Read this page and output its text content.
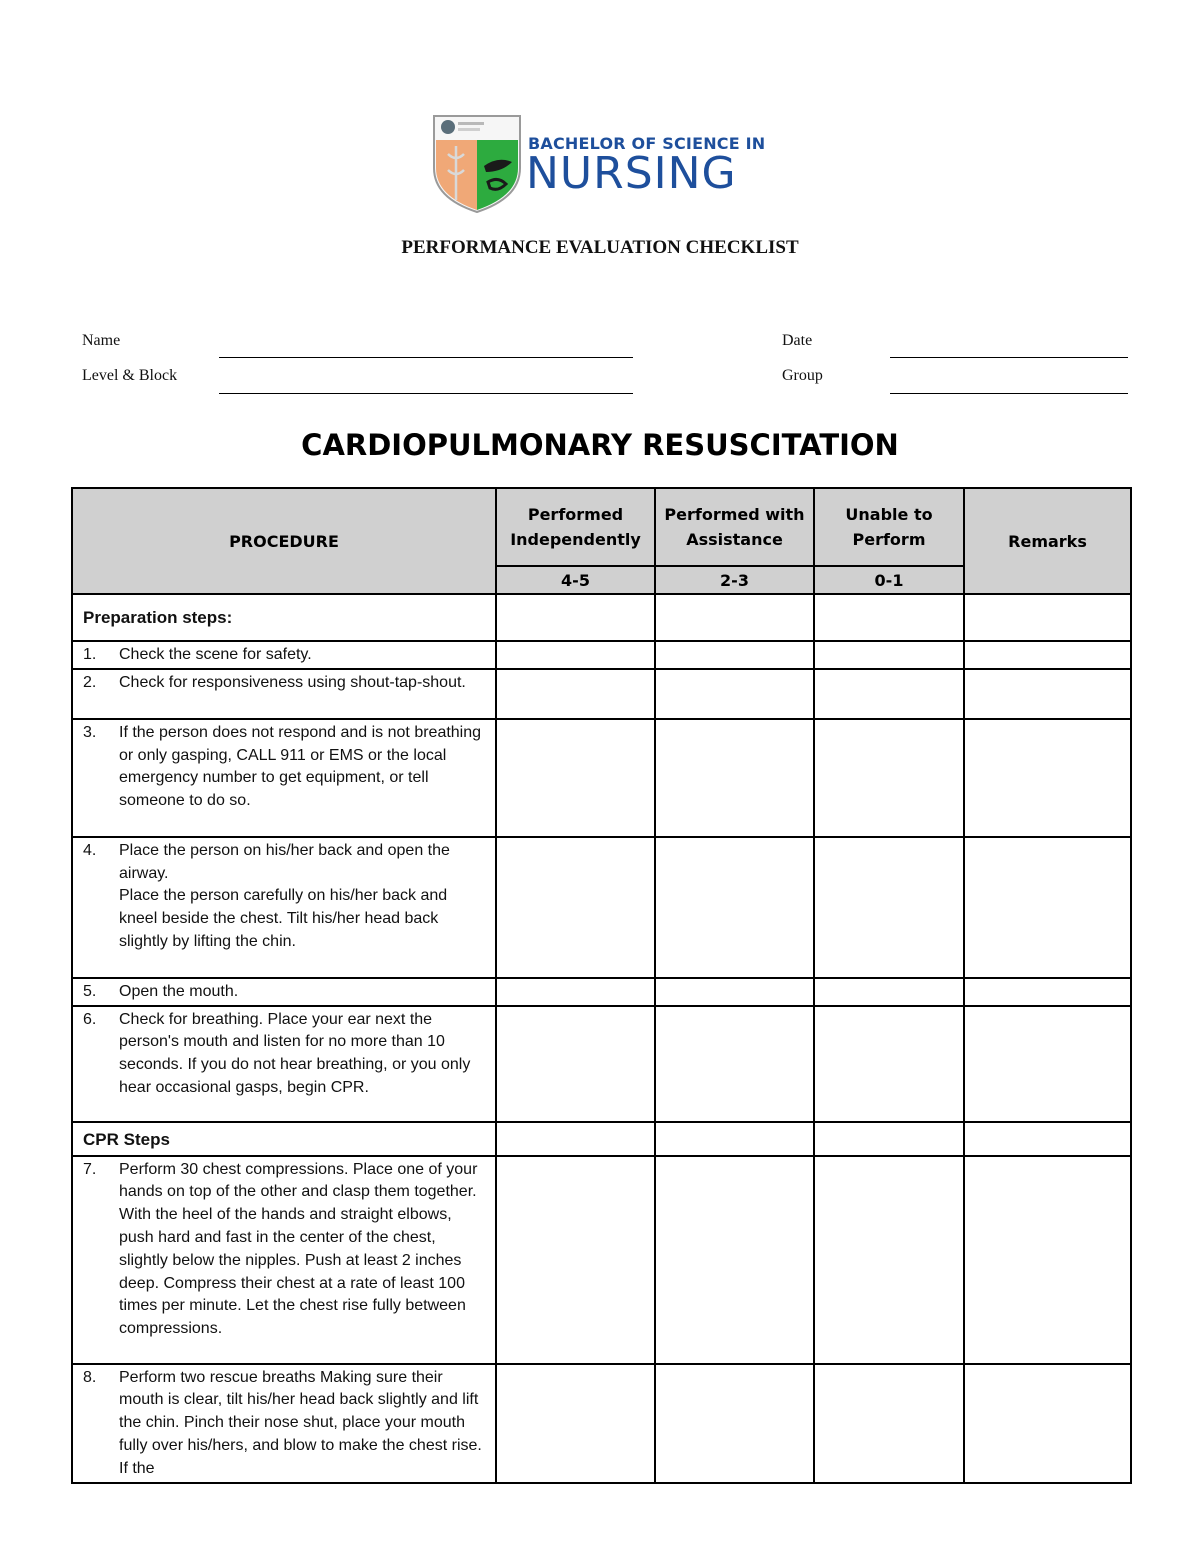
BACHELOR OF SCIENCE IN
NURSING
PERFORMANCE EVALUATION CHECKLIST
Name	Date
Level & Block	Group
CARDIOPULMONARY RESUSCITATION
PROCEDURE	Performed Independently	Performed with Assistance	Unable to Perform	Remarks
	4-5	2-3	0-1	

Preparation steps:				

1. Check the scene for safety.				

2. Check for responsiveness using shout-tap-shout.				

3. If the person does not respond and is not breathing or only gasping, CALL 911 or EMS or the local emergency number to get equipment, or tell someone to do so.				

4. Place the person on his/her back and open the airway.
Place the person carefully on his/her back and kneel beside the chest. Tilt his/her head back slightly by lifting the chin.				

5. Open the mouth.				

6. Check for breathing. Place your ear next the person's mouth and listen for no more than 10 seconds. If you do not hear breathing, or you only hear occasional gasps, begin CPR.				

CPR Steps				

7. Perform 30 chest compressions. Place one of your hands on top of the other and clasp them together. With the heel of the hands and straight elbows, push hard and fast in the center of the chest, slightly below the nipples. Push at least 2 inches deep. Compress their chest at a rate of least 100 times per minute. Let the chest rise fully between compressions.				

8. Perform two rescue breaths Making sure their mouth is clear, tilt his/her head back slightly and lift the chin. Pinch their nose shut, place your mouth fully over his/hers, and blow to make the chest rise. If the				
